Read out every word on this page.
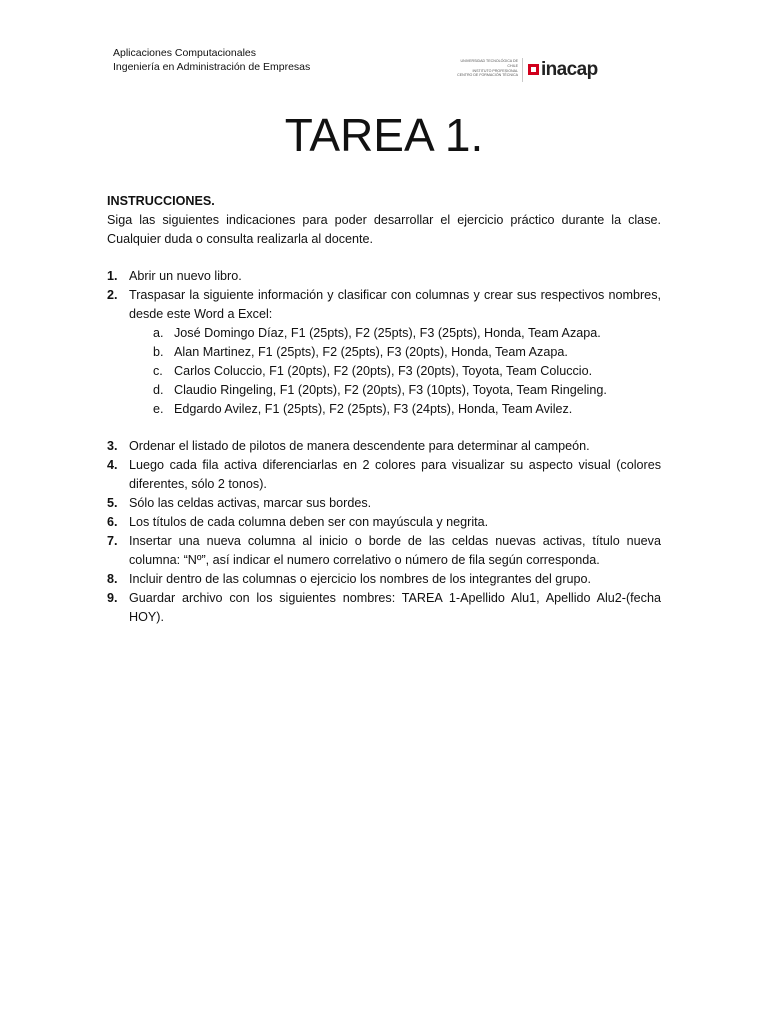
Aplicaciones Computacionales
Ingeniería en Administración de Empresas	UNIVERSIDAD TECNOLÓGICA DE CHILE
INSTITUTO PROFESIONAL
CENTRO DE FORMACIÓN TÉCNICA inacap
TAREA 1.

INSTRUCCIONES.

Siga las siguientes indicaciones para poder desarrollar el ejercicio práctico durante la clase. Cualquier duda o consulta realizarla al docente.

1. Abrir un nuevo libro.
2. Traspasar la siguiente información y clasificar con columnas y crear sus respectivos nombres, desde este Word a Excel:
a. José Domingo Díaz, F1 (25pts), F2 (25pts), F3 (25pts), Honda, Team Azapa.
b. Alan Martinez, F1 (25pts), F2 (25pts), F3 (20pts), Honda, Team Azapa.
c. Carlos Coluccio, F1 (20pts), F2 (20pts), F3 (20pts), Toyota, Team Coluccio.
d. Claudio Ringeling, F1 (20pts), F2 (20pts), F3 (10pts), Toyota, Team Ringeling.
e. Edgardo Avilez, F1 (25pts), F2 (25pts), F3 (24pts), Honda, Team Avilez.
3. Ordenar el listado de pilotos de manera descendente para determinar al campeón.
4. Luego cada fila activa diferenciarlas en 2 colores para visualizar su aspecto visual (colores diferentes, sólo 2 tonos).
5. Sólo las celdas activas, marcar sus bordes.
6. Los títulos de cada columna deben ser con mayúscula y negrita.
7. Insertar una nueva columna al inicio o borde de las celdas nuevas activas, título nueva columna: “Nº”, así indicar el numero correlativo o número de fila según corresponda.
8. Incluir dentro de las columnas o ejercicio los nombres de los integrantes del grupo.
9. Guardar archivo con los siguientes nombres: TAREA 1-Apellido Alu1, Apellido Alu2-(fecha HOY).
